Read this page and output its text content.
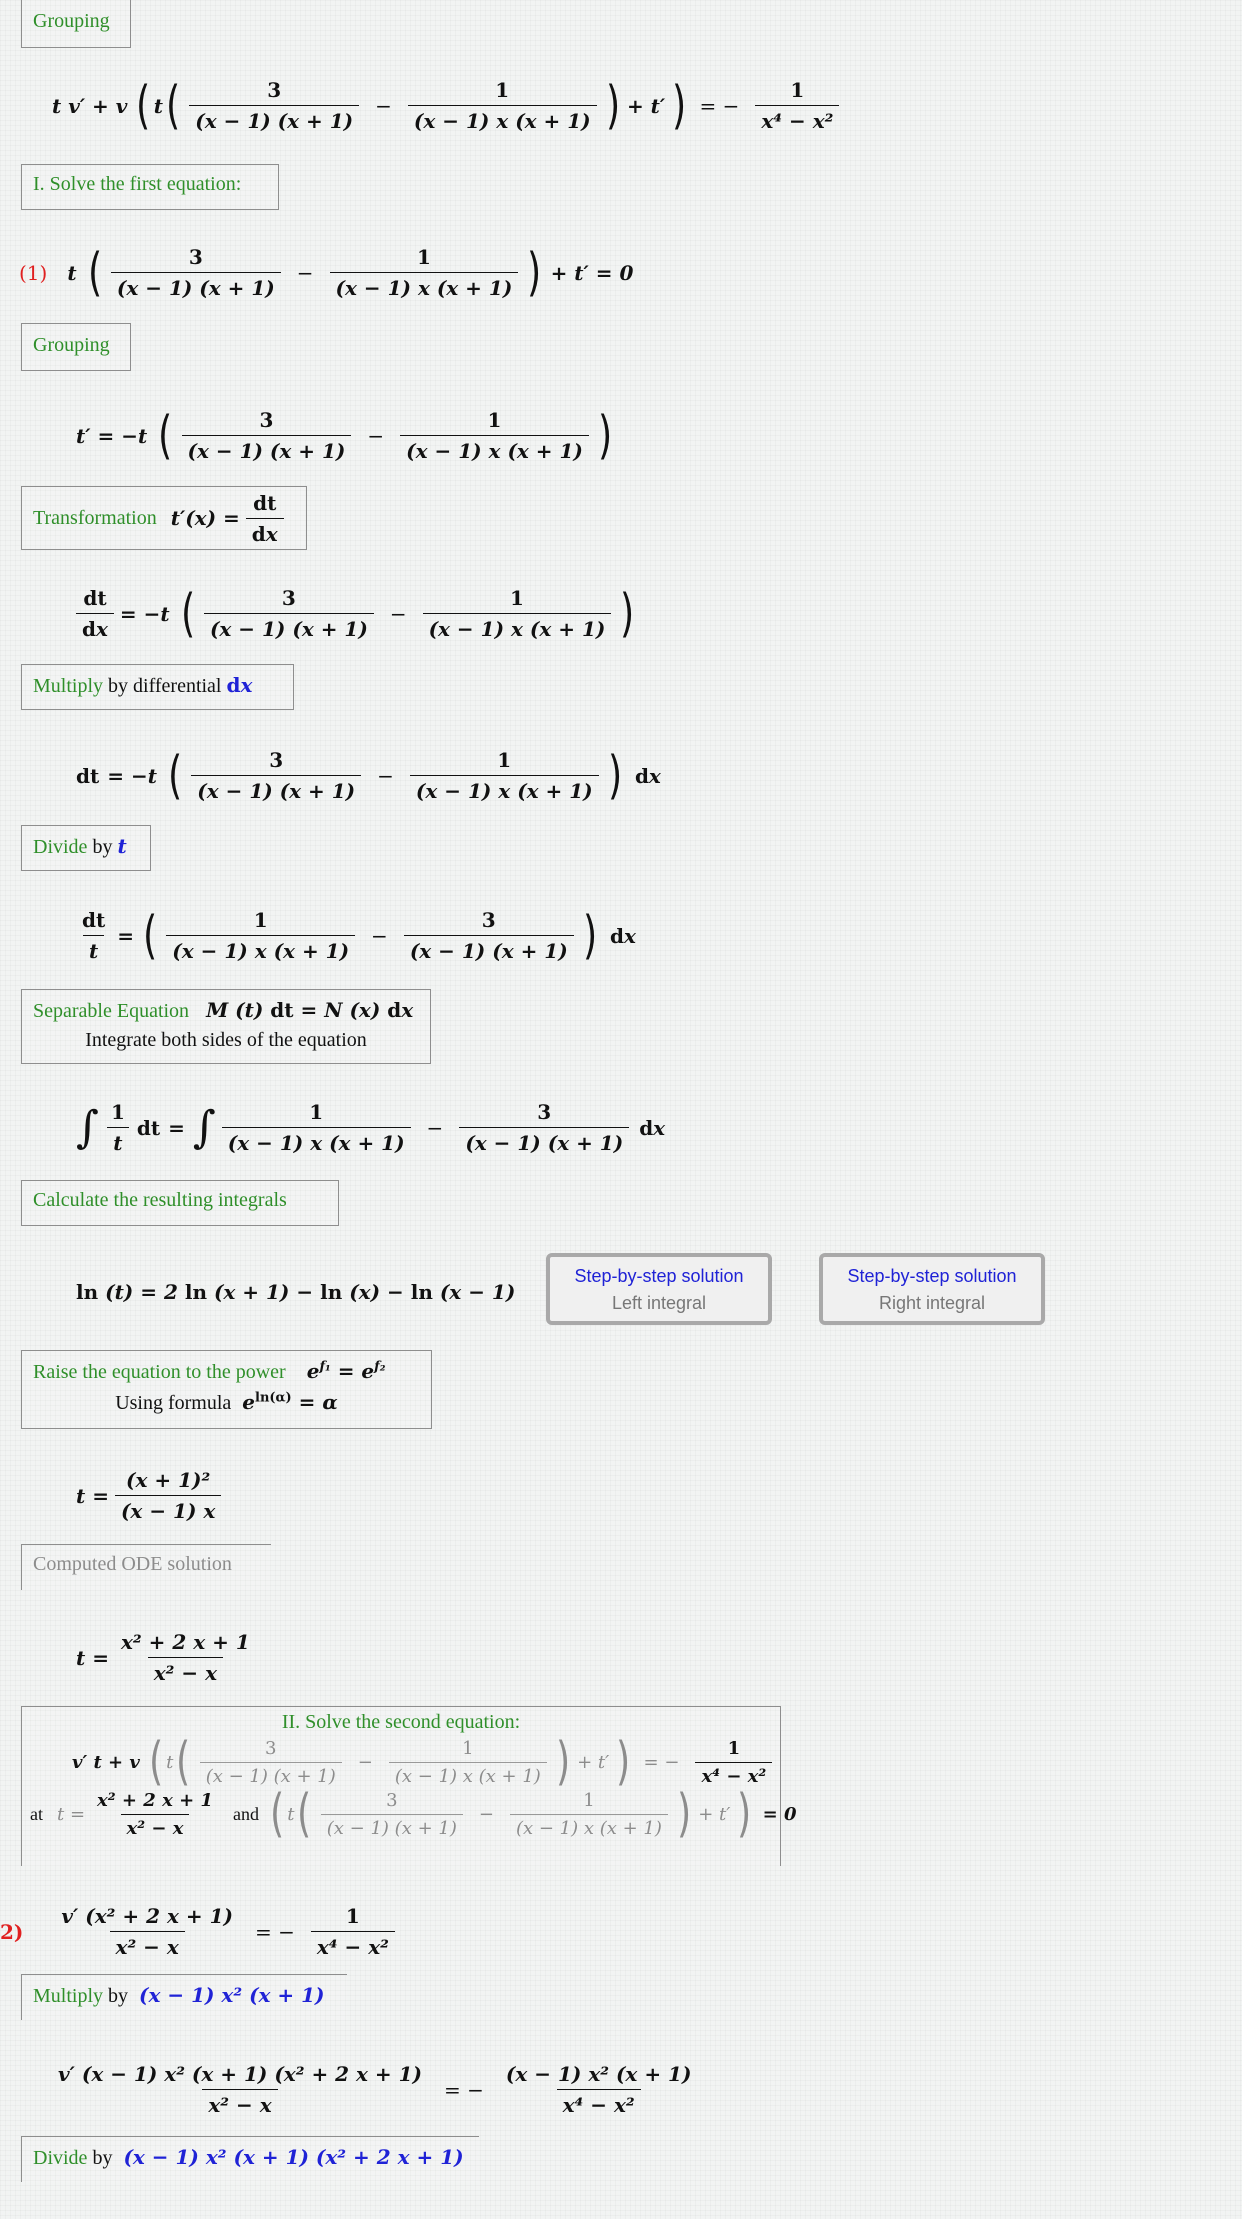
Grouping
t v′ + v ( t ( $\frac{3}{(x - 1) (x + 1)} - \frac{1}{(x - 1) x (x + 1)}$ ) + t′ ) = − $\frac{1}{\text{x⁴ − x²}}$
I. Solve the first equation:
(1) t ( $\frac{3}{(x - 1) (x + 1)} - \frac{1}{(x - 1) x (x + 1)}$ ) + t′ = 0
Grouping
t′ = −t ( $\frac{3}{(x - 1) (x + 1)} - \frac{1}{(x - 1) x (x + 1)}$ )
Transformation $t'(x) = \frac{dt}{dx}$
$\frac{dt}{dx} = -t$ ( $\frac{3}{(x - 1) (x + 1)} - \frac{1}{(x - 1) x (x + 1)}$ )
Multiply by differential dx
dt = −t ( $\frac{3}{(x - 1) (x + 1)} - \frac{1}{(x - 1) x (x + 1)}$ ) dx
Divide by t
$\frac{dt}{t}$ = ( $\frac{1}{(x - 1) x (x + 1)} - \frac{3}{(x - 1) (x + 1)}$ ) dx
Separable Equation M (t) dt = N (x) dx
Integrate both sides of the equation
∫ $\frac{1}{t}$ dt = ∫ $\frac{1}{(x - 1) x (x + 1)} - \frac{3}{(x - 1) (x + 1)}$ dx
Calculate the resulting integrals
ln (t) = 2 ln (x + 1) − ln (x) − ln (x − 1)
Step-by-step solution
Left integral
Step-by-step solution
Right integral
Raise the equation to the power $e^{f_1} = e^{f_2}$
Using formula $e^{ln(\alpha)} = \alpha$
$t = \frac{\text{(x + 1)²}}{(x - 1) x}$
Computed ODE solution
$t = \frac{\text{x² + 2 x + 1}}{\text{x² − x}}$
II. Solve the second equation:
v′ t + v ( t ( $\frac{3}{(x - 1) (x + 1)} - \frac{1}{(x - 1) x (x + 1)}$ ) + t′ ) = − $\frac{1}{\text{x⁴ − x²}}$
at $t = \frac{\text{x² + 2 x + 1}}{\text{x² − x}}$ and ( t ( $\frac{3}{(x - 1) (x + 1)} - \frac{1}{(x - 1) x (x + 1)}$ ) + t′ ) = 0
$2) \frac{\text{v′ (x² + 2 x + 1)}}{\text{x² − x}}$ = − $\frac{1}{\text{x⁴ − x²}}$
Multiply by (x − 1) x² (x + 1)
$\frac{\text{v′ (x − 1) x² (x + 1) (x² + 2 x + 1)}}{\text{x² − x}}$ = − $\frac{\text{(x − 1) x² (x + 1)}}{\text{x⁴ − x²}}$
Divide by (x − 1) x² (x + 1) (x² + 2 x + 1)
